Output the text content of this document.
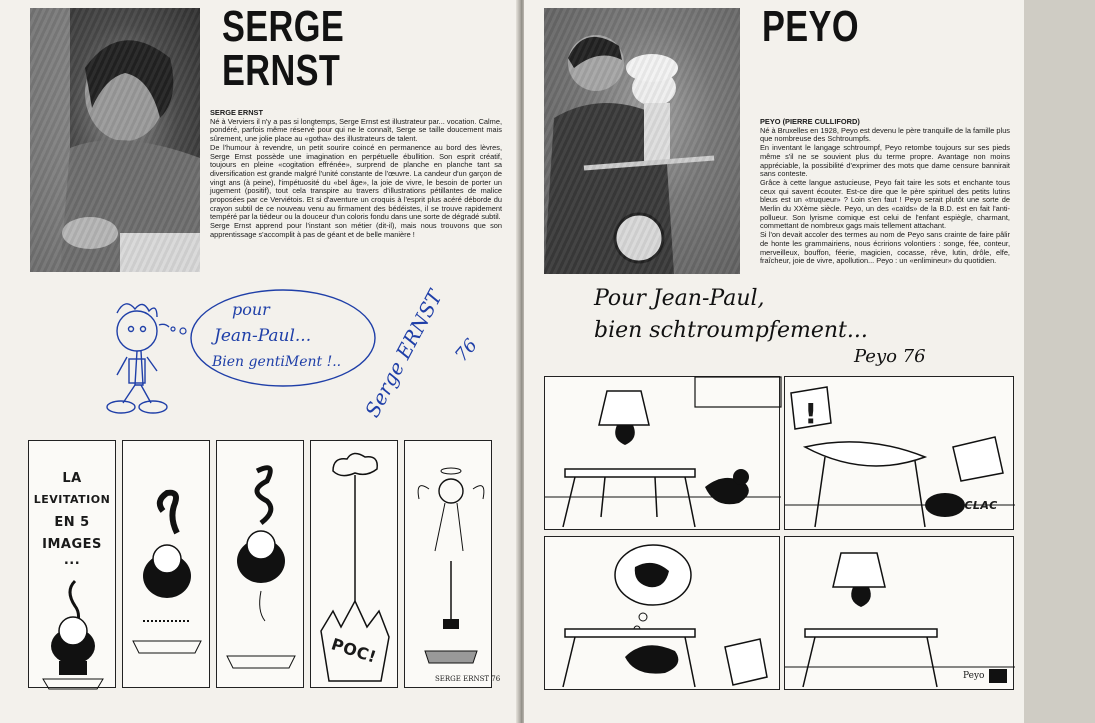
SERGE ERNST
SERGE ERNST

Né à Verviers il n'y a pas si longtemps, Serge Ernst est illustrateur par... vocation. Calme, pondéré, parfois même réservé pour qui ne le connaît, Serge se taille doucement mais sûrement, une jolie place au «gotha» des illustrateurs de talent.

De l'humour à revendre, un petit sourire coincé en permanence au bord des lèvres, Serge Ernst possède une imagination en perpétuelle ébullition. Son esprit créatif, toujours en pleine «cogitation effrénée», surprend de planche en planche tant sa diversification est grande malgré l'unité constante de l'œuvre. La candeur d'un garçon de vingt ans (à peine), l'impétuosité du «bel âge», la joie de vivre, le besoin de porter un jugement (positif), tout cela transpire au travers d'illustrations pétillantes de malice proposées par ce Verviétois. Et si d'aventure un croquis à l'esprit plus acéré déborde du crayon subtil de ce nouveau venu au firmament des bédéistes, il se trouve rapidement tempéré par la tiédeur ou la douceur d'un coloris fondu dans une sorte de dégradé subtil.

Serge Ernst apprend pour l'instant son métier (dit-il), mais nous trouvons que son apprentissage s'accomplit à pas de géant et de belle manière !

pour
Jean-Paul...
Bien gentiMent !.. Serge ERNST 76
LA
LEVITATION
EN 5
IMAGES
...
POC!
SERGE ERNST 76
PEYO
PEYO (PIERRE CULLIFORD)

Né à Bruxelles en 1928, Peyo est devenu le père tranquille de la famille plus que nombreuse des Schtroumpfs.

En inventant le langage schtroumpf, Peyo retombe toujours sur ses pieds même s'il ne se souvient plus du terme propre. Avantage non moins appréciable, la possibilité d'exprimer des mots que dame censure bannirait sans conteste.

Grâce à cette langue astucieuse, Peyo fait taire les sots et enchante tous ceux qui savent écouter. Est-ce dire que le père spirituel des petits lutins bleus est un «truqueur» ? Loin s'en faut ! Peyo serait plutôt une sorte de Merlin du XXème siècle. Peyo, un des «caïds» de la B.D. est en fait l'anti-pollueur. Son lyrisme comique est celui de l'enfant espiègle, charmant, commettant de nombreux gags mais tellement attachant.

Si l'on devait accoler des termes au nom de Peyo sans crainte de faire pâlir de honte les grammairiens, nous écririons volontiers : songe, fée, conteur, merveilleux, bouffon, féerie, magicien, cocasse, rêve, lutin, drôle, elfe, fraîcheur, joie de vivre, apollution... Peyo : un «enlimineur» du quotidien.

Pour Jean-Paul,
bien schtroumpfement...
Peyo 76
!
CLAC
Peyo
